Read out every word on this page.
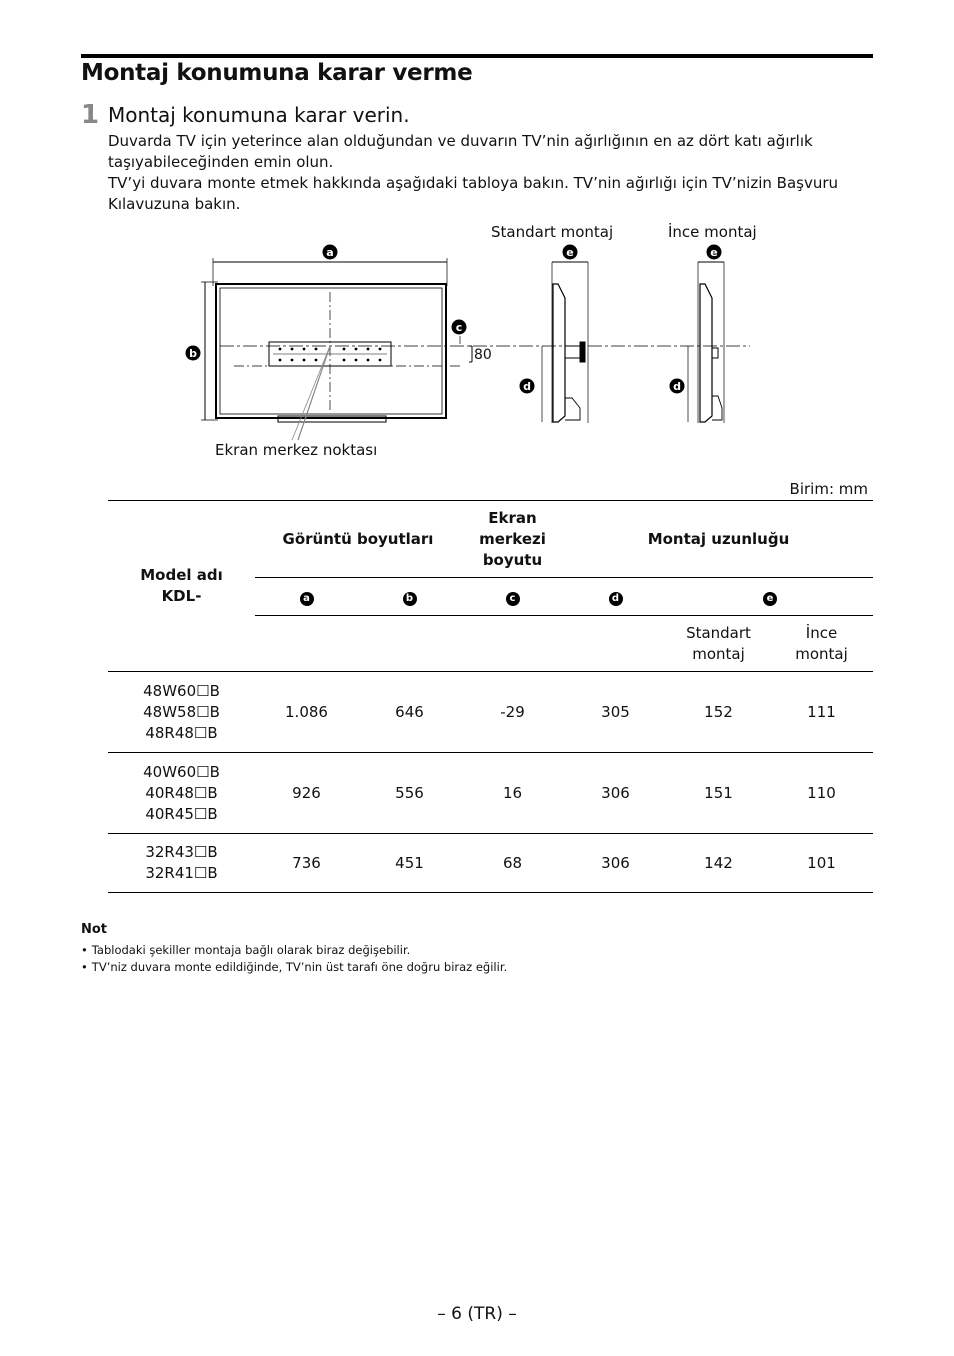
Montaj konumuna karar verme
1 Montaj konumuna karar verin.

Duvarda TV için yeterince alan olduğundan ve duvarın TV’nin ağırlığının en az dört katı ağırlık taşıyabileceğinden emin olun.

TV’yi duvara monte etmek hakkında aşağıdaki tabloya bakın. TV’nin ağırlığı için TV’nizin Başvuru Kılavuzuna bakın.

Standart montaj	İnce montaj
Ekran merkez noktası
80
a
b
c
d
e
d
e
Birim: mm
Model adı
KDL-	Görüntü boyutları		Ekran
merkezi
boyutu	Montaj uzunluğu		
	a	b	c	d	e	

					Standart
montaj	İnce
montaj

48W60☐B
48W58☐B
48R48☐B	1.086	646	-29	305	152	111

40W60☐B
40R48☐B
40R45☐B	926	556	16	306	151	110

32R43☐B
32R41☐B	736	451	68	306	142	101
Not
• Tablodaki şekiller montaja bağlı olarak biraz değişebilir.
• TV’niz duvara monte edildiğinde, TV’nin üst tarafı öne doğru biraz eğilir.
– 6 (TR) –
